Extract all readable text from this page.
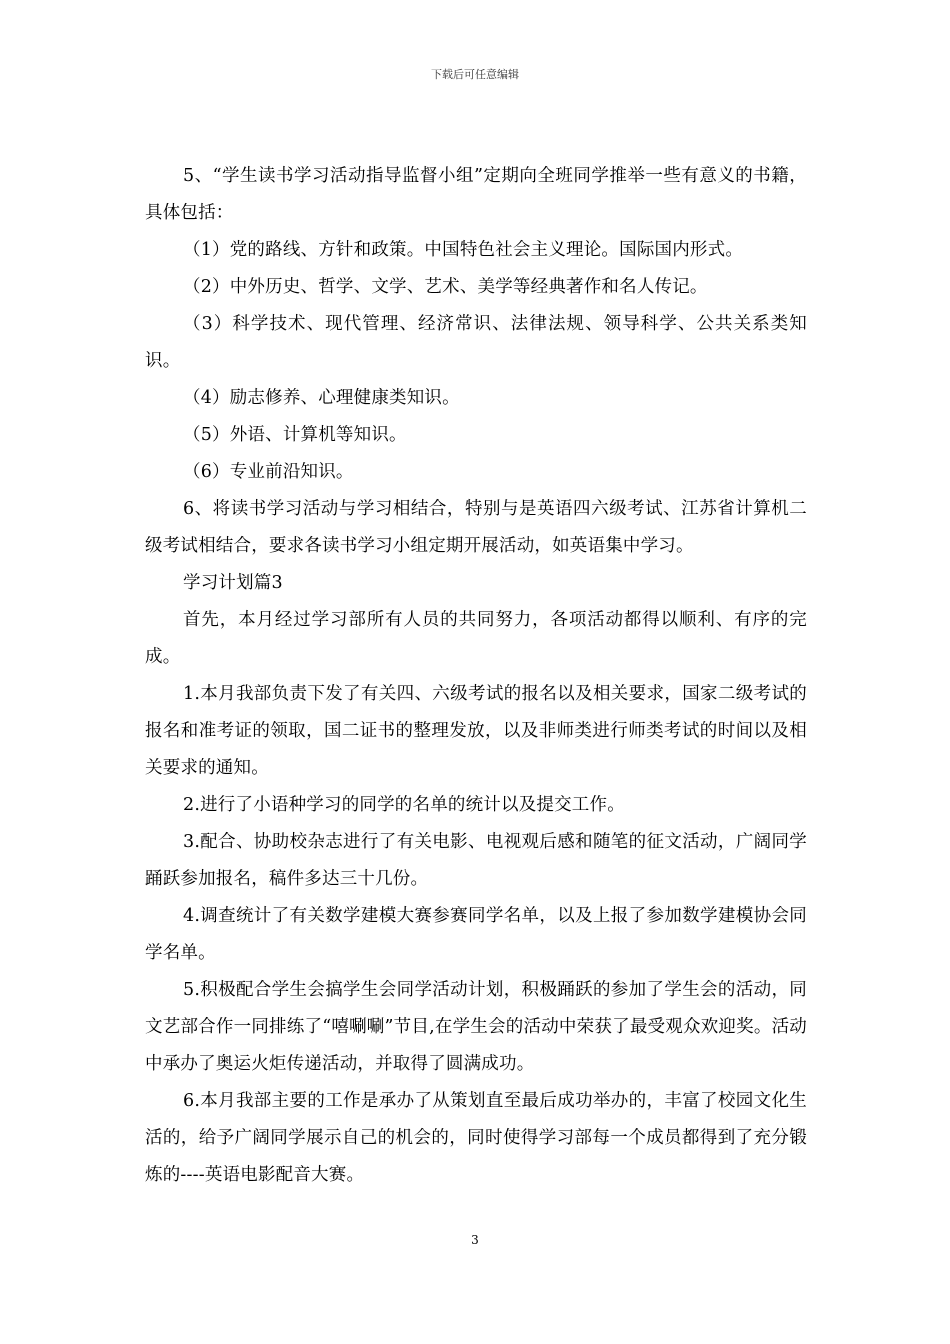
下载后可任意编辑

5、“学生读书学习活动指导监督小组”定期向全班同学推举一些有意义的书籍，具体包括：

（1）党的路线、方针和政策。中国特色社会主义理论。国际国内形式。

（2）中外历史、哲学、文学、艺术、美学等经典著作和名人传记。

（3）科学技术、现代管理、经济常识、法律法规、领导科学、公共关系类知识。

（4）励志修养、心理健康类知识。

（5）外语、计算机等知识。

（6）专业前沿知识。

6、将读书学习活动与学习相结合，特别与是英语四六级考试、江苏省计算机二级考试相结合，要求各读书学习小组定期开展活动，如英语集中学习。

学习计划篇3

首先，本月经过学习部所有人员的共同努力，各项活动都得以顺利、有序的完成。

1.本月我部负责下发了有关四、六级考试的报名以及相关要求，国家二级考试的报名和准考证的领取，国二证书的整理发放，以及非师类进行师类考试的时间以及相关要求的通知。

2.进行了小语种学习的同学的名单的统计以及提交工作。

3.配合、协助校杂志进行了有关电影、电视观后感和随笔的征文活动，广阔同学踊跃参加报名，稿件多达三十几份。

4.调查统计了有关数学建模大赛参赛同学名单，以及上报了参加数学建模协会同学名单。

5.积极配合学生会搞学生会同学活动计划，积极踊跃的参加了学生会的活动，同文艺部合作一同排练了“嘻唰唰”节目,在学生会的活动中荣获了最受观众欢迎奖。活动中承办了奥运火炬传递活动，并取得了圆满成功。

6.本月我部主要的工作是承办了从策划直至最后成功举办的，丰富了校园文化生活的，给予广阔同学展示自己的机会的，同时使得学习部每一个成员都得到了充分锻炼的----英语电影配音大赛。

3
